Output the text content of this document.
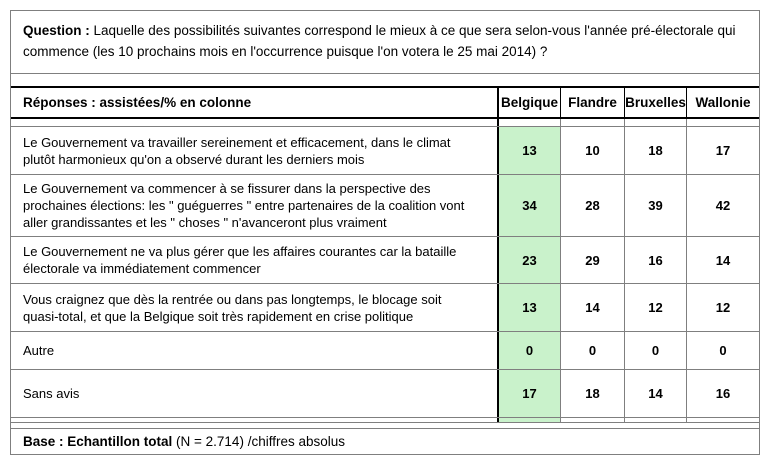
Question : Laquelle des possibilités suivantes correspond le mieux à ce que sera selon-vous l'année pré-électorale qui commence (les 10 prochains mois en l'occurrence puisque l'on votera le 25 mai 2014) ?
Réponses : assistées/% en colonne	Belgique Flandre Bruxelles Wallonie
Le Gouvernement va travailler sereinement et efficacement, dans le climat plutôt harmonieux qu'on a observé durant les derniers mois
13	10	18	17
Le Gouvernement va commencer à se fissurer dans la perspective des prochaines élections: les " guéguerres " entre partenaires de la coalition vont aller grandissantes et les " choses " n'avanceront plus vraiment
34	28	39	42
Le Gouvernement ne va plus gérer que les affaires courantes car la bataille électorale va immédiatement commencer
23	29	16	14
Vous craignez que dès la rentrée ou dans pas longtemps, le blocage soit quasi-total, et que la Belgique soit très rapidement en crise politique
13	14	12	12
Autre	0	0	0	0
Sans avis	17	18	14	16
Base : Echantillon total (N = 2.714) /chiffres absolus
